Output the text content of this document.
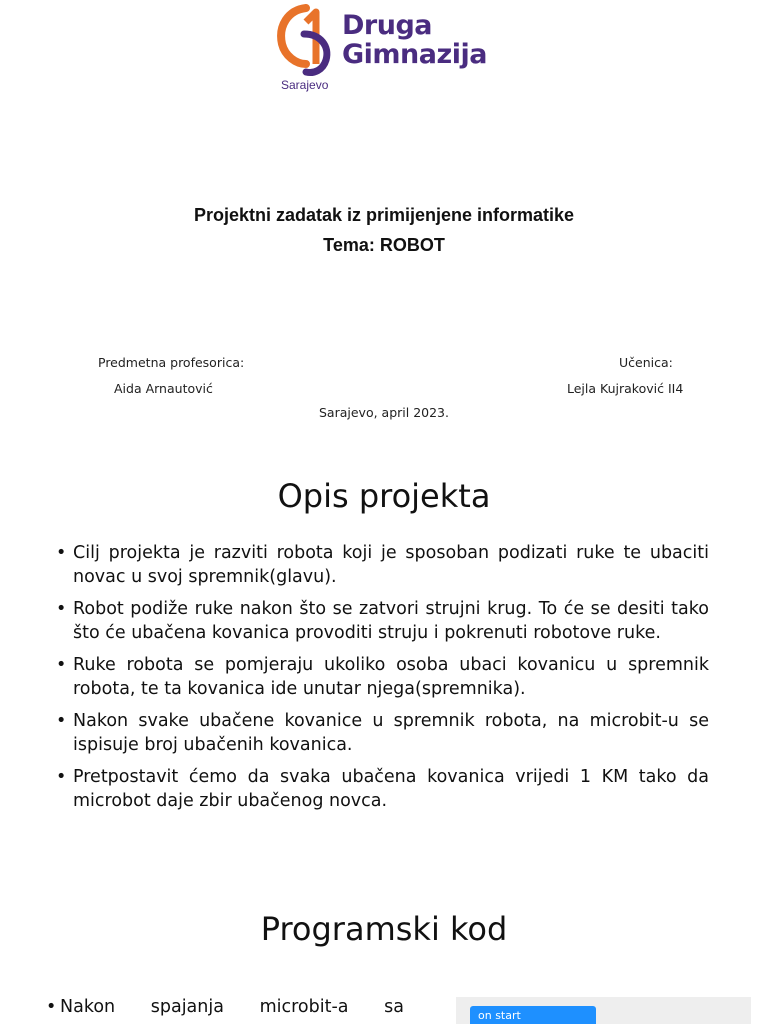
Druga
Gimnazija
Sarajevo
Projektni zadatak iz primijenjene informatike
Tema: ROBOT
Predmetna profesorica:
Aida Arnautović
Učenica:
Lejla Kujraković II4
Sarajevo, april 2023.
Opis projekta
• Cilj projekta je razviti robota koji je sposoban podizati ruke te ubaciti novac u svoj spremnik(glavu).
• Robot podiže ruke nakon što se zatvori strujni krug. To će se desiti tako što će ubačena kovanica provoditi struju i pokrenuti robotove ruke.
• Ruke robota se pomjeraju ukoliko osoba ubaci kovanicu u spremnik robota, te ta kovanica ide unutar njega(spremnika).
• Nakon svake ubačene kovanice u spremnik robota, na microbit-u se ispisuje broj ubačenih kovanica.
• Pretpostavit ćemo da svaka ubačena kovanica vrijedi 1 KM tako da microbot daje zbir ubačenog novca.
Programski kod
• Nakon spajanja microbit-a sa	on start
